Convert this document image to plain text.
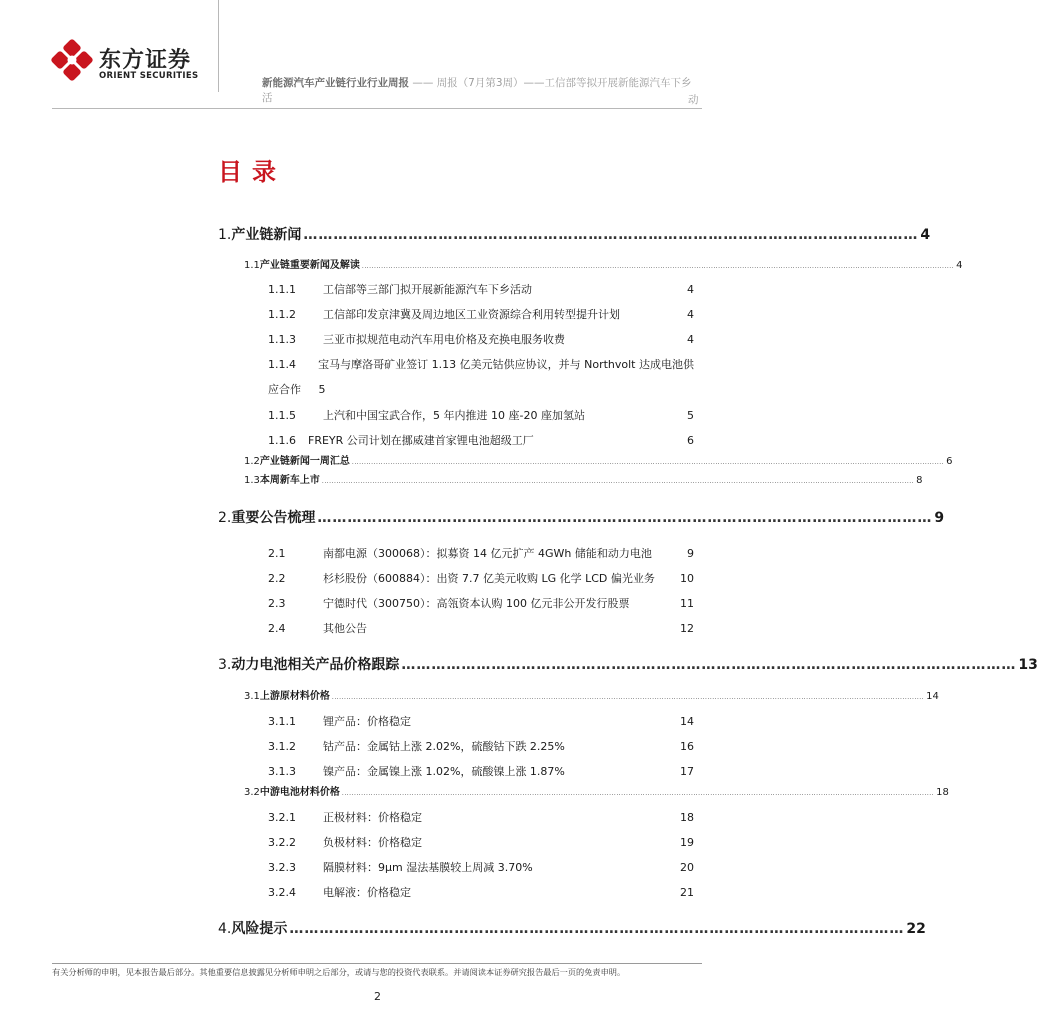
东方证券
ORIENT SECURITIES
新能源汽车产业链行业行业周报 —— 周报（7月第3周）——工信部等拟开展新能源汽车下乡活	动
目录
1. 产业链新闻 …………………………………………………………………………………………………………… 4
1.1 产业链重要新闻及解读 ...................................................................................................................................................................................................................................................... 4
1.1.1	工信部等三部门拟开展新能源汽车下乡活动	4
1.1.2	工信部印发京津冀及周边地区工业资源综合利用转型提升计划	4
1.1.3	三亚市拟规范电动汽车用电价格及充换电服务收费	4
1.1.4	宝马与摩洛哥矿业签订 1.13 亿美元钴供应协议，并与 Northvolt 达成电池供
应合作 5
1.1.5	上汽和中国宝武合作，5 年内推进 10 座-20 座加氢站	5
1.1.6	FREYR 公司计划在挪威建首家锂电池超级工厂	6
1.2 产业链新闻一周汇总 ...................................................................................................................................................................................................................................................... 6
1.3 本周新车上市 ...................................................................................................................................................................................................................................................... 8
2. 重要公告梳理 …………………………………………………………………………………………………………… 9
2.1	南都电源（300068）：拟募资 14 亿元扩产 4GWh 储能和动力电池	9
2.2	杉杉股份（600884）：出资 7.7 亿美元收购 LG 化学 LCD 偏光业务	10
2.3	宁德时代（300750）：高瓴资本认购 100 亿元非公开发行股票	11
2.4	其他公告	12
3. 动力电池相关产品价格跟踪 …………………………………………………………………………………………………………… 13
3.1 上游原材料价格 ...................................................................................................................................................................................................................................................... 14
3.1.1	锂产品：价格稳定	14
3.1.2	钴产品：金属钴上涨 2.02%，硫酸钴下跌 2.25%	16
3.1.3	镍产品：金属镍上涨 1.02%，硫酸镍上涨 1.87%	17
3.2 中游电池材料价格 ...................................................................................................................................................................................................................................................... 18
3.2.1	正极材料：价格稳定	18
3.2.2	负极材料：价格稳定	19
3.2.3	隔膜材料：9μm 湿法基膜较上周减 3.70%	20
3.2.4	电解液：价格稳定	21
4. 风险提示 …………………………………………………………………………………………………………… 22
有关分析师的申明，见本报告最后部分。其他重要信息披露见分析师申明之后部分，或请与您的投资代表联系。并请阅读本证券研究报告最后一页的免责申明。
2
